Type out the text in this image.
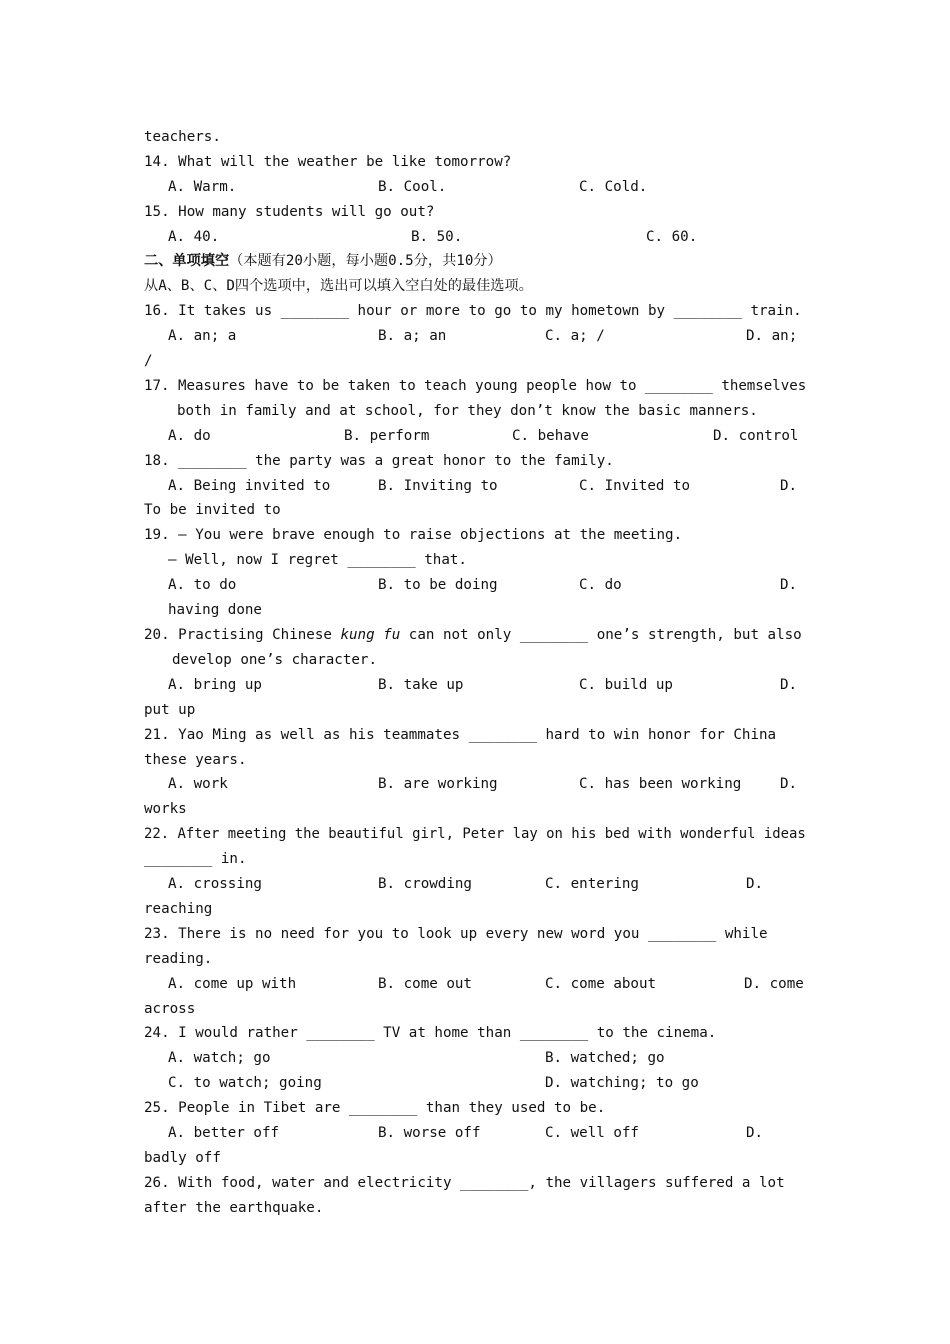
teachers.
14. What will the weather be like tomorrow?
A. Warm.	B. Cool.	C. Cold.
15. How many students will go out?
A. 40.	B. 50.	C. 60.
二、单项填空（本题有20小题，每小题0.5分，共10分）
从A、B、C、D四个选项中，选出可以填入空白处的最佳选项。
16. It takes us ________ hour or more to go to my hometown by ________ train.
A. an; a	B. a; an	C. a; /	D. an;
/
17. Measures have to be taken to teach young people how to ________ themselves
both in family and at school, for they don’t know the basic manners.
A. do	B. perform	C. behave	D. control
18. ________ the party was a great honor to the family.
A. Being invited to	B. Inviting to	C. Invited to	D.
To be invited to
19. — You were brave enough to raise objections at the meeting.
— Well, now I regret ________ that.
A. to do	B. to be doing	C. do	D.
having done
20. Practising Chinese kung fu can not only ________ one’s strength, but also
develop one’s character.
A. bring up	B. take up	C. build up	D.
put up
21. Yao Ming as well as his teammates ________ hard to win honor for China
these years.
A. work	B. are working	C. has been working	D.
works
22. After meeting the beautiful girl, Peter lay on his bed with wonderful ideas
________ in.
A. crossing	B. crowding	C. entering	D.
reaching
23. There is no need for you to look up every new word you ________ while
reading.
A. come up with	B. come out	C. come about	D. come
across
24. I would rather ________ TV at home than ________ to the cinema.
A. watch; go	B. watched; go
C. to watch; going	D. watching; to go
25. People in Tibet are ________ than they used to be.
A. better off	B. worse off	C. well off	D.
badly off
26. With food, water and electricity ________, the villagers suffered a lot
after the earthquake.
